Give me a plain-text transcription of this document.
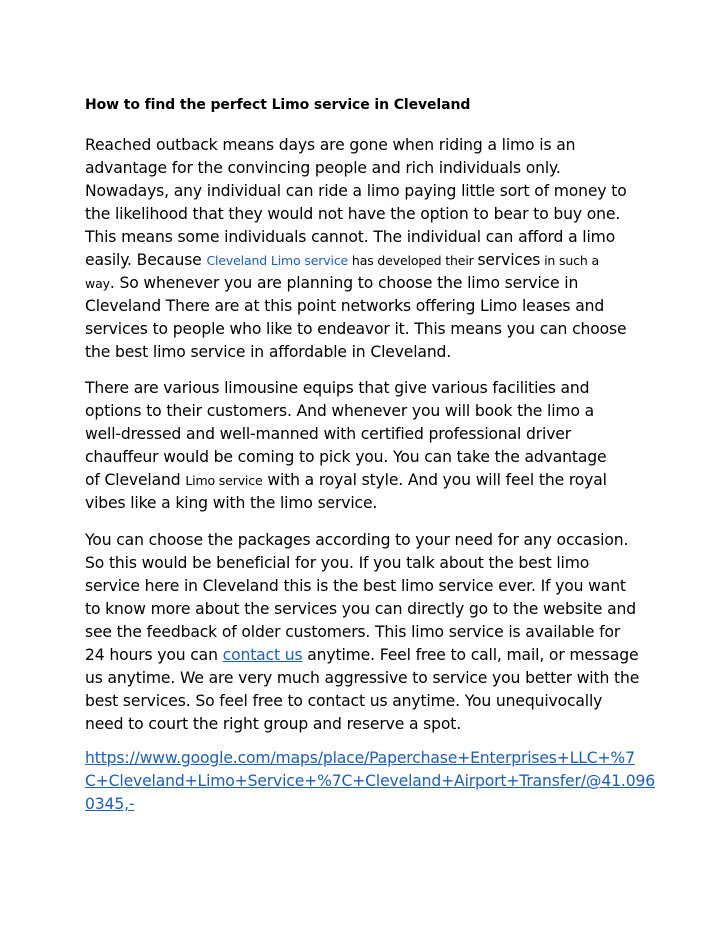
How to find the perfect Limo service in Cleveland
Reached outback means days are gone when riding a limo is an
advantage for the convincing people and rich individuals only.
Nowadays, any individual can ride a limo paying little sort of money to
the likelihood that they would not have the option to bear to buy one.
This means some individuals cannot. The individual can afford a limo
easily. Because Cleveland Limo service has developed their services in such a
way. So whenever you are planning to choose the limo service in
Cleveland There are at this point networks offering Limo leases and
services to people who like to endeavor it. This means you can choose
the best limo service in affordable in Cleveland.
There are various limousine equips that give various facilities and
options to their customers. And whenever you will book the limo a
well-dressed and well-manned with certified professional driver
chauffeur would be coming to pick you. You can take the advantage
of Cleveland Limo service with a royal style. And you will feel the royal
vibes like a king with the limo service.
You can choose the packages according to your need for any occasion.
So this would be beneficial for you. If you talk about the best limo
service here in Cleveland this is the best limo service ever. If you want
to know more about the services you can directly go to the website and
see the feedback of older customers. This limo service is available for
24 hours you can contact us anytime. Feel free to call, mail, or message
us anytime. We are very much aggressive to service you better with the
best services. So feel free to contact us anytime. You unequivocally
need to court the right group and reserve a spot.
https://www.google.com/maps/place/Paperchase+Enterprises+LLC+%7
C+Cleveland+Limo+Service+%7C+Cleveland+Airport+Transfer/@41.096
0345,-
